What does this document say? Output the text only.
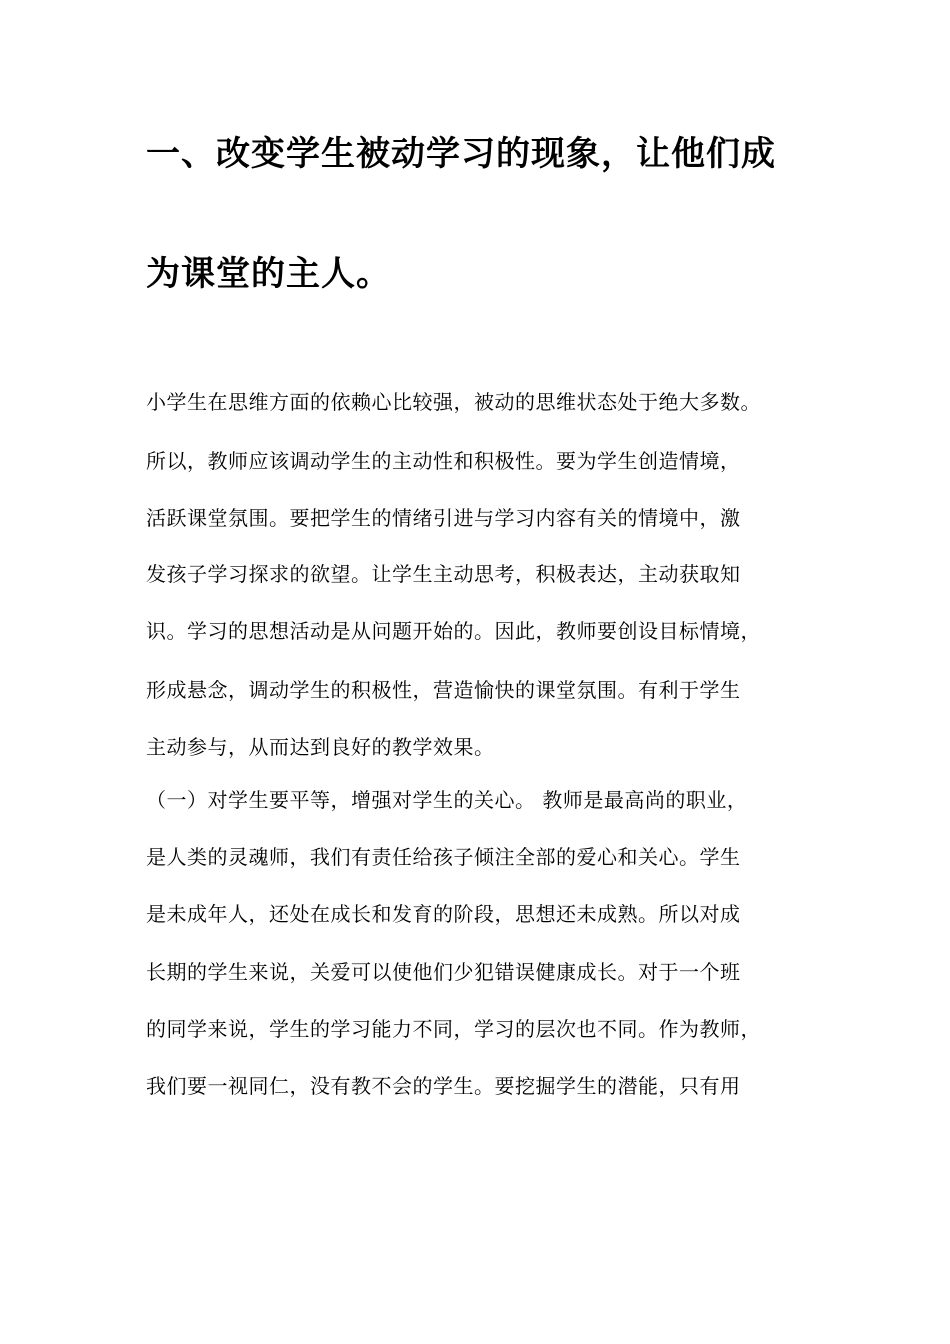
一、改变学生被动学习的现象，让他们成
为课堂的主人。

小学生在思维方面的依赖心比较强，被动的思维状态处于绝大多数。

所以，教师应该调动学生的主动性和积极性。要为学生创造情境，

活跃课堂氛围。要把学生的情绪引进与学习内容有关的情境中，激

发孩子学习探求的欲望。让学生主动思考，积极表达，主动获取知

识。学习的思想活动是从问题开始的。因此，教师要创设目标情境，

形成悬念，调动学生的积极性，营造愉快的课堂氛围。有利于学生

主动参与，从而达到良好的教学效果。

（一）对学生要平等，增强对学生的关心。 教师是最高尚的职业，

是人类的灵魂师，我们有责任给孩子倾注全部的爱心和关心。学生

是未成年人，还处在成长和发育的阶段，思想还未成熟。所以对成

长期的学生来说，关爱可以使他们少犯错误健康成长。对于一个班

的同学来说，学生的学习能力不同，学习的层次也不同。作为教师，

我们要一视同仁，没有教不会的学生。要挖掘学生的潜能，只有用
